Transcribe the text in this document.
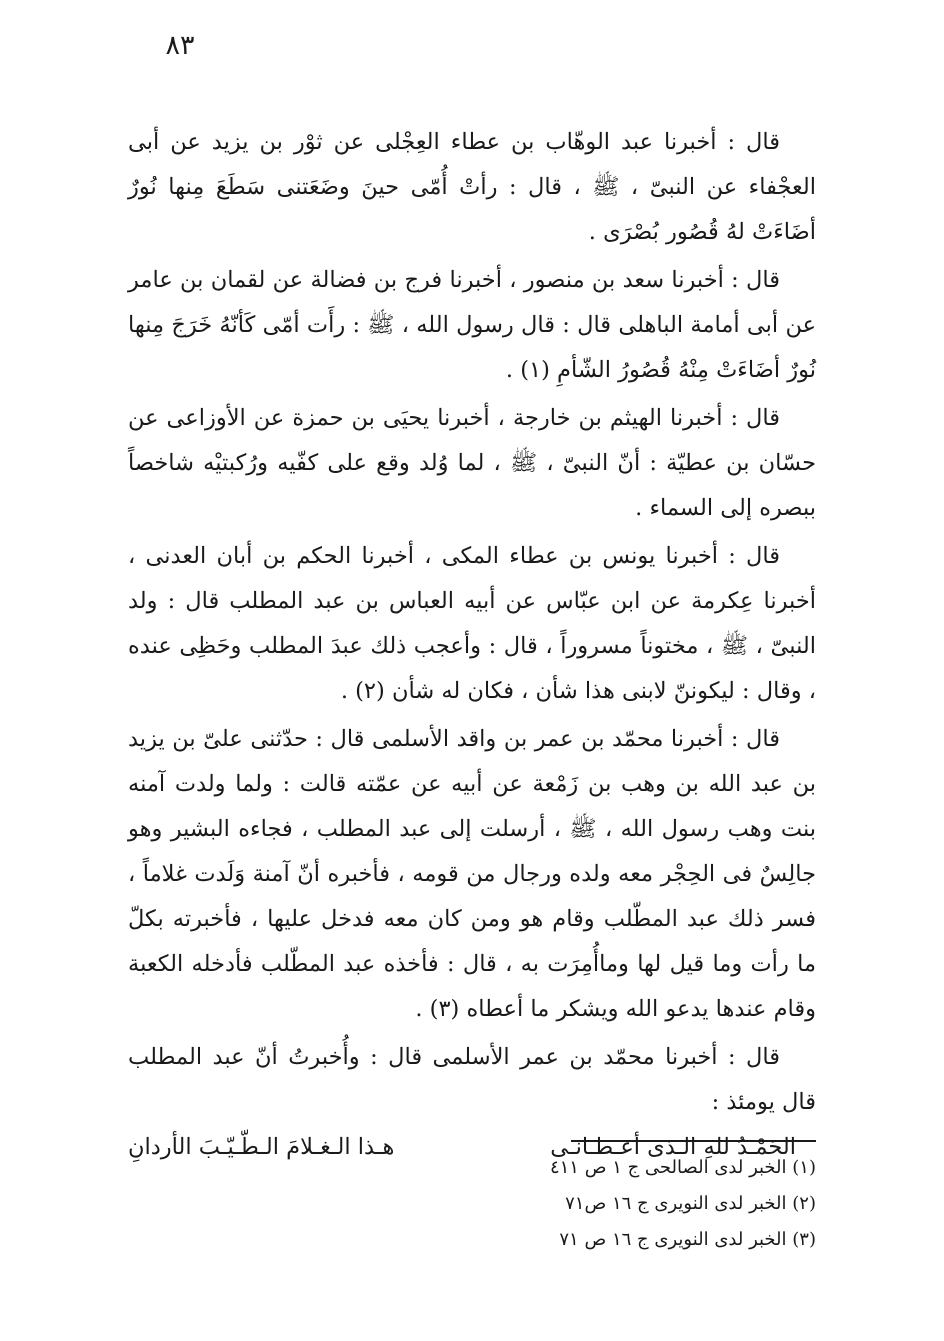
٨٣

قال : أخبرنا عبد الوهّاب بن عطاء العِجْلى عن ثوْر بن يزيد عن أبى العجْفاء عن النبىّ ، ﷺ ، قال : رأتْ أُمّى حينَ وضَعَتنى سَطَعَ مِنها نُورٌ أضَاءَتْ لهُ قُصُور بُصْرَى .

قال : أخبرنا سعد بن منصور ، أخبرنا فرج بن فضالة عن لقمان بن عامر عن أبى أمامة الباهلى قال : قال رسول الله ، ﷺ : رأَت أمّى كَأنّهُ خَرَجَ مِنها نُورٌ أضَاءَتْ مِنْهُ قُصُورُ الشّأمِ (١) .

قال : أخبرنا الهيثم بن خارجة ، أخبرنا يحيَى بن حمزة عن الأوزاعى عن حسّان بن عطيّة : أنّ النبىّ ، ﷺ ، لما وُلد وقع على كفّيه ورُكبتيْه شاخصاً ببصره إلى السماء .

قال : أخبرنا يونس بن عطاء المكى ، أخبرنا الحكم بن أبان العدنى ، أخبرنا عِكرمة عن ابن عبّاس عن أبيه العباس بن عبد المطلب قال : ولد النبىّ ، ﷺ ، مختوناً مسروراً ، قال : وأعجب ذلك عبدَ المطلب وحَظِى عنده ، وقال : ليكوننّ لابنى هذا شأن ، فكان له شأن (٢) .

قال : أخبرنا محمّد بن عمر بن واقد الأسلمى قال : حدّثنى علىّ بن يزيد بن عبد الله بن وهب بن زَمْعة عن أبيه عن عمّته قالت : ولما ولدت آمنه بنت وهب رسول الله ، ﷺ ، أرسلت إلى عبد المطلب ، فجاءه البشير وهو جالِسٌ فى الحِجْر معه ولده ورجال من قومه ، فأخبره أنّ آمنة وَلَدت غلاماً ، فسر ذلك عبد المطّلب وقام هو ومن كان معه فدخل عليها ، فأخبرته بكلّ ما رأت وما قيل لها وماأُمِرَت به ، قال : فأخذه عبد المطّلب فأدخله الكعبة وقام عندها يدعو الله ويشكر ما أعطاه (٣) .

قال : أخبرنا محمّد بن عمر الأسلمى قال : وأُخبرتُ أنّ عبد المطلب قال يومئذ :

الحَمْـدُ للهِ الـذى أعـطـانـى
هـذا الـغـلامَ الـطّـيّـبَ الأردانِ

(١) الخبر لدى الصالحى ج ١ ص ٤١١

(٢) الخبر لدى النويرى ج ١٦ ص٧١

(٣) الخبر لدى النويرى ج ١٦ ص ٧١
